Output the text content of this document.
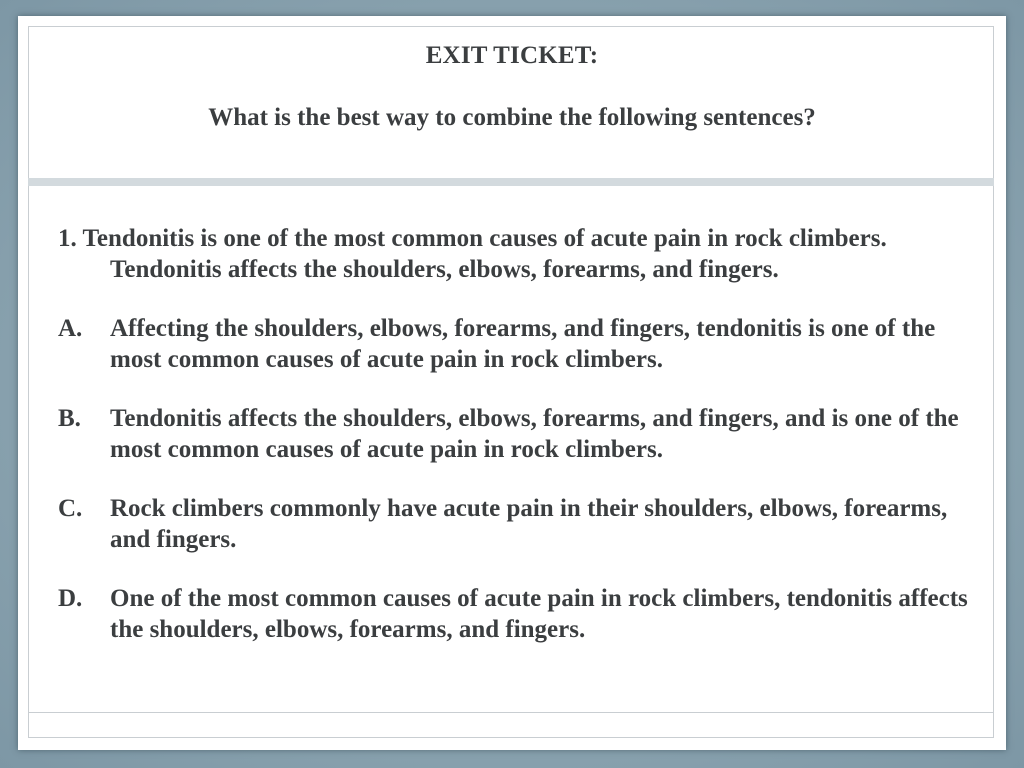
EXIT TICKET:
What is the best way to combine the following sentences?
1. Tendonitis is one of the most common causes of acute pain in rock climbers. Tendonitis affects the shoulders, elbows, forearms, and fingers.
A. Affecting the shoulders, elbows, forearms, and fingers, tendonitis is one of the most common causes of acute pain in rock climbers.
B. Tendonitis affects the shoulders, elbows, forearms, and fingers, and is one of the most common causes of acute pain in rock climbers.
C. Rock climbers commonly have acute pain in their shoulders, elbows, forearms, and fingers.
D. One of the most common causes of acute pain in rock climbers, tendonitis affects the shoulders, elbows, forearms, and fingers.
